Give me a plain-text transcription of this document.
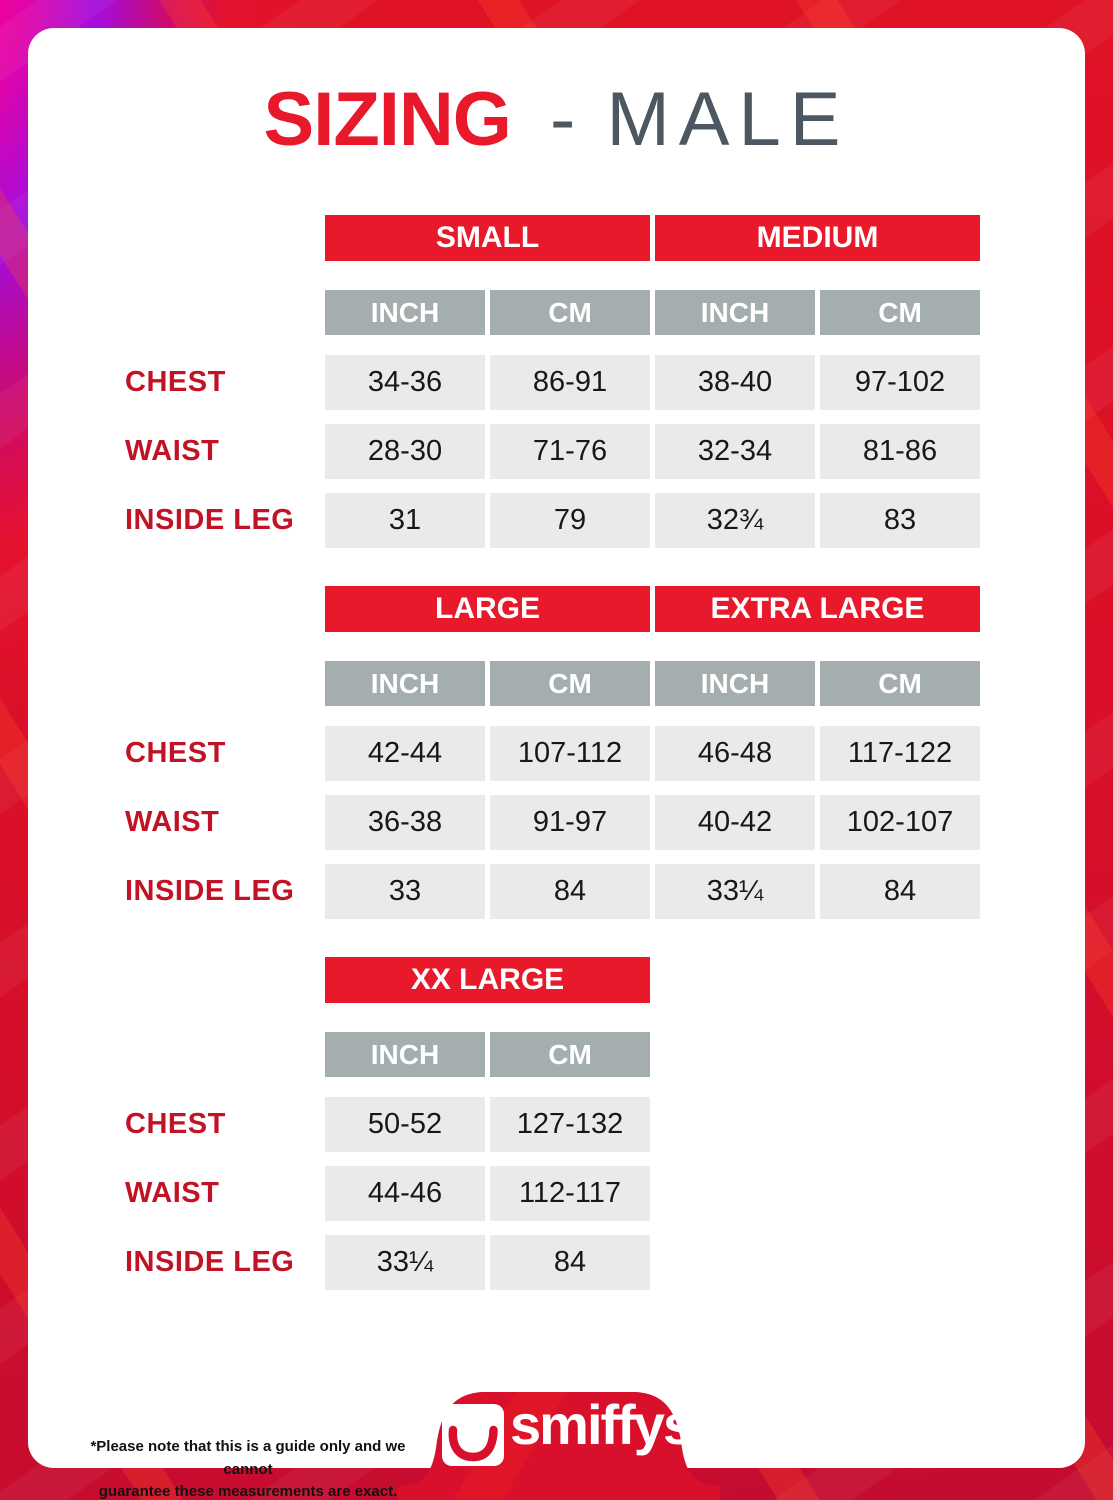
SIZING - MALE
SMALL	MEDIUM
INCH	CM	INCH	CM
CHEST	34-36	86-91	38-40	97-102
WAIST	28-30	71-76	32-34	81-86
INSIDE LEG	31	79	32¾	83
LARGE	EXTRA LARGE
INCH	CM	INCH	CM
CHEST	42-44	107-112	46-48	117-122
WAIST	36-38	91-97	40-42	102-107
INSIDE LEG	33	84	33¼	84
XX LARGE
INCH	CM
CHEST	50-52	127-132
WAIST	44-46	112-117
INSIDE LEG	33¼	84
*Please note that this is a guide only and we cannot
guarantee these measurements are exact.
smiffys ™
